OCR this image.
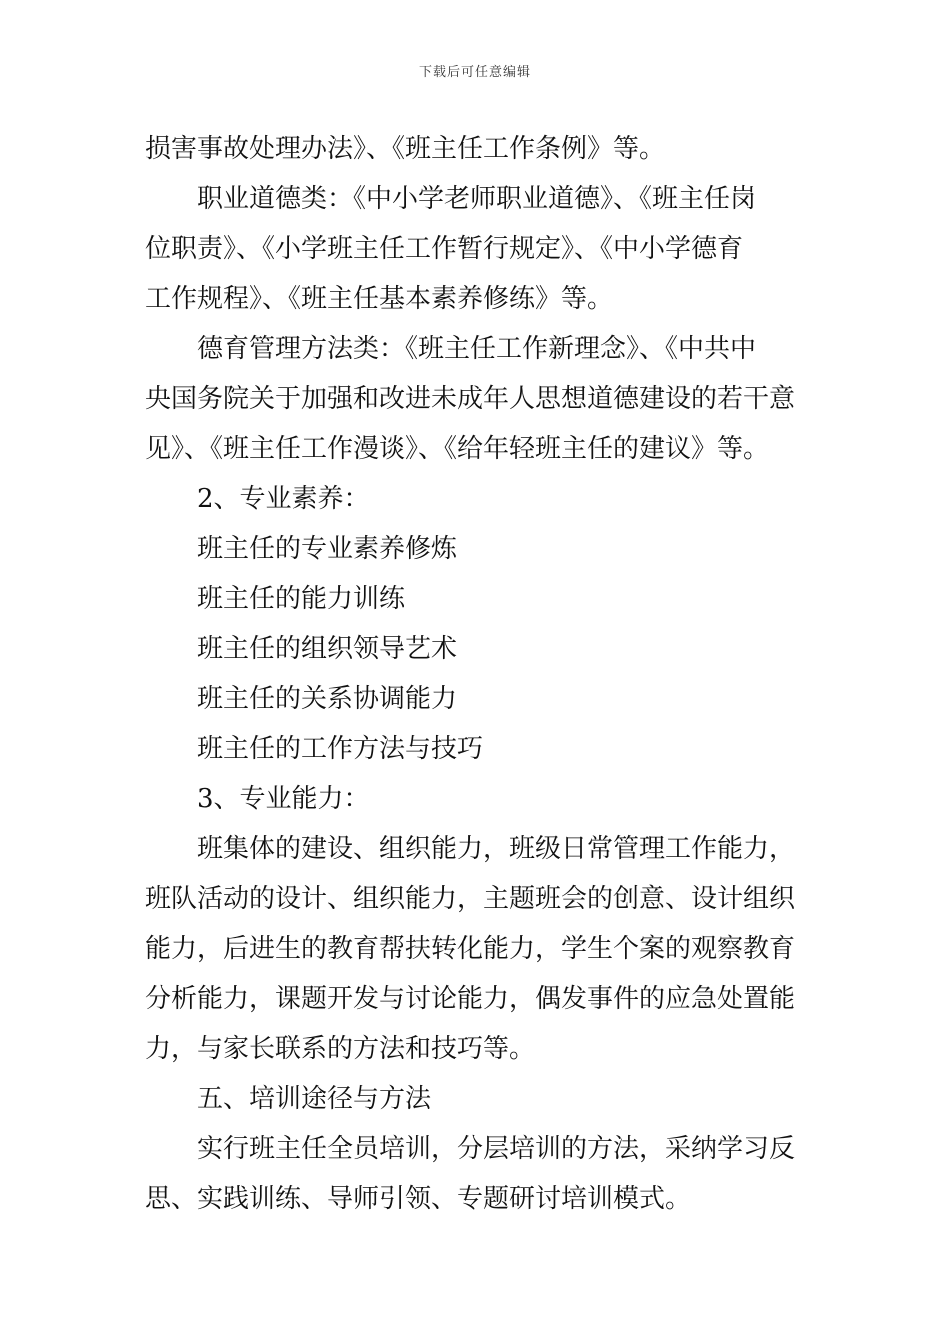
下载后可任意编辑
损害事故处理办法》、《班主任工作条例》等。
职业道德类：《中小学老师职业道德》、《班主任岗
位职责》、《小学班主任工作暂行规定》、《中小学德育
工作规程》、《班主任基本素养修练》等。
德育管理方法类：《班主任工作新理念》、《中共中
央国务院关于加强和改进未成年人思想道德建设的若干意
见》、《班主任工作漫谈》、《给年轻班主任的建议》等。
2、专业素养：
班主任的专业素养修炼
班主任的能力训练
班主任的组织领导艺术
班主任的关系协调能力
班主任的工作方法与技巧
3、专业能力：
班集体的建设、组织能力，班级日常管理工作能力，
班队活动的设计、组织能力，主题班会的创意、设计组织
能力，后进生的教育帮扶转化能力，学生个案的观察教育
分析能力，课题开发与讨论能力，偶发事件的应急处置能
力，与家长联系的方法和技巧等。
五、培训途径与方法
实行班主任全员培训，分层培训的方法，采纳学习反
思、实践训练、导师引领、专题研讨培训模式。
